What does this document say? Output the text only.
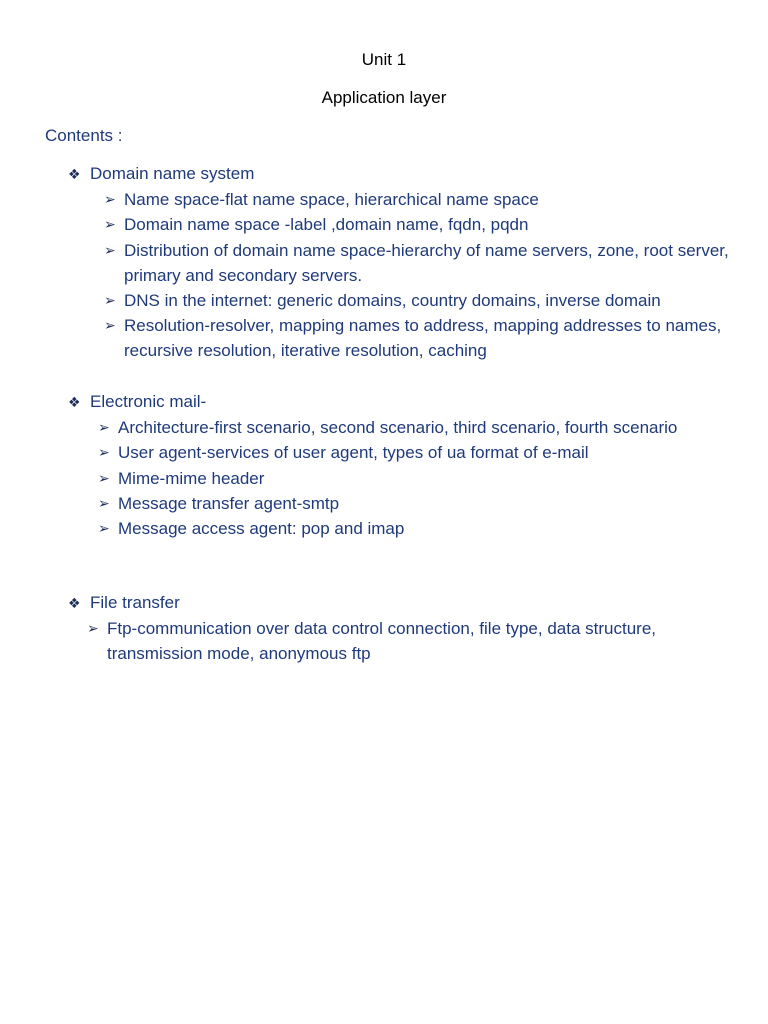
Unit 1
Application layer
Contents :
❖ Domain name system
➢ Name space-flat name space, hierarchical name space
➢ Domain name space -label ,domain name, fqdn, pqdn
➢ Distribution of domain name space-hierarchy of name servers, zone, root server, primary and secondary servers.
➢ DNS in the internet: generic domains, country domains, inverse domain
➢ Resolution-resolver, mapping names to address, mapping addresses to names, recursive resolution, iterative resolution, caching
❖ Electronic mail-
➢ Architecture-first scenario, second scenario, third scenario, fourth scenario
➢ User agent-services of user agent, types of ua format of e-mail
➢ Mime-mime header
➢ Message transfer agent-smtp
➢ Message access agent: pop and imap
❖ File transfer
➢ Ftp-communication over data control connection, file type, data structure, transmission mode, anonymous ftp
